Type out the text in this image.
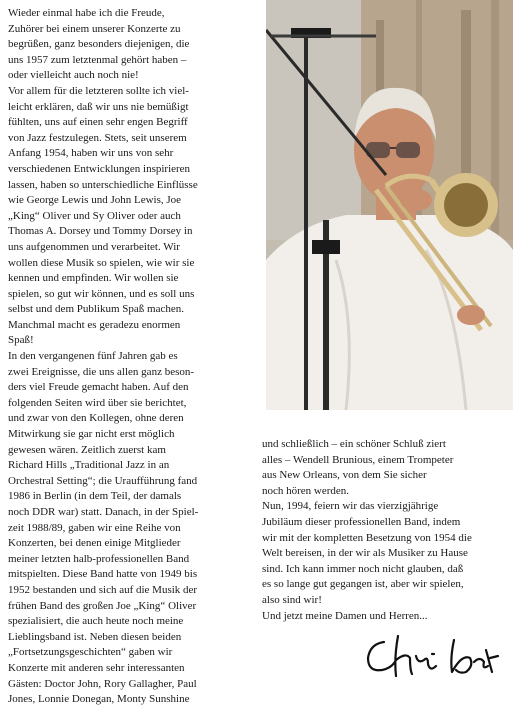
Wieder einmal habe ich die Freude,
Zuhörer bei einem unserer Konzerte zu
begrüßen, ganz besonders diejenigen, die
uns 1957 zum letztenmal gehört haben –
oder vielleicht auch noch nie!

Vor allem für die letzteren sollte ich viel-
leicht erklären, daß wir uns nie bemüßigt
fühlten, uns auf einen sehr engen Begriff
von Jazz festzulegen. Stets, seit unserem
Anfang 1954, haben wir uns von sehr
verschiedenen Entwicklungen inspirieren
lassen, haben so unterschiedliche Einflüsse
wie George Lewis und John Lewis, Joe
„King“ Oliver und Sy Oliver oder auch
Thomas A. Dorsey und Tommy Dorsey in
uns aufgenommen und verarbeitet. Wir
wollen diese Musik so spielen, wie wir sie
kennen und empfinden. Wir wollen sie
spielen, so gut wir können, und es soll uns
selbst und dem Publikum Spaß machen.
Manchmal macht es geradezu enormen
Spaß!

In den vergangenen fünf Jahren gab es
zwei Ereignisse, die uns allen ganz beson-
ders viel Freude gemacht haben. Auf den
folgenden Seiten wird über sie berichtet,
und zwar von den Kollegen, ohne deren
Mitwirkung sie gar nicht erst möglich
gewesen wären. Zeitlich zuerst kam
Richard Hills „Traditional Jazz in an
Orchestral Setting“; die Uraufführung fand
1986 in Berlin (in dem Teil, der damals
noch DDR war) statt. Danach, in der Spiel-
zeit 1988/89, gaben wir eine Reihe von
Konzerten, bei denen einige Mitglieder
meiner letzten halb-professionellen Band
mitspielten. Diese Band hatte von 1949 bis
1952 bestanden und sich auf die Musik der
frühen Band des großen Joe „King“ Oliver
spezialisiert, die auch heute noch meine
Lieblingsband ist. Neben diesen beiden
„Fortsetzungsgeschichten“ gaben wir
Konzerte mit anderen sehr interessanten
Gästen: Doctor John, Rory Gallagher, Paul
Jones, Lonnie Donegan, Monty Sunshine

und schließlich – ein schöner Schluß ziert
alles – Wendell Brunious, einem Trompeter
aus New Orleans, von dem Sie sicher
noch hören werden.

Nun, 1994, feiern wir das vierzigjährige
Jubiläum dieser professionellen Band, indem
wir mit der kompletten Besetzung von 1954 die
Welt bereisen, in der wir als Musiker zu Hause
sind. Ich kann immer noch nicht glauben, daß
es so lange gut gegangen ist, aber wir spielen,
also sind wir!

Und jetzt meine Damen und Herren...
